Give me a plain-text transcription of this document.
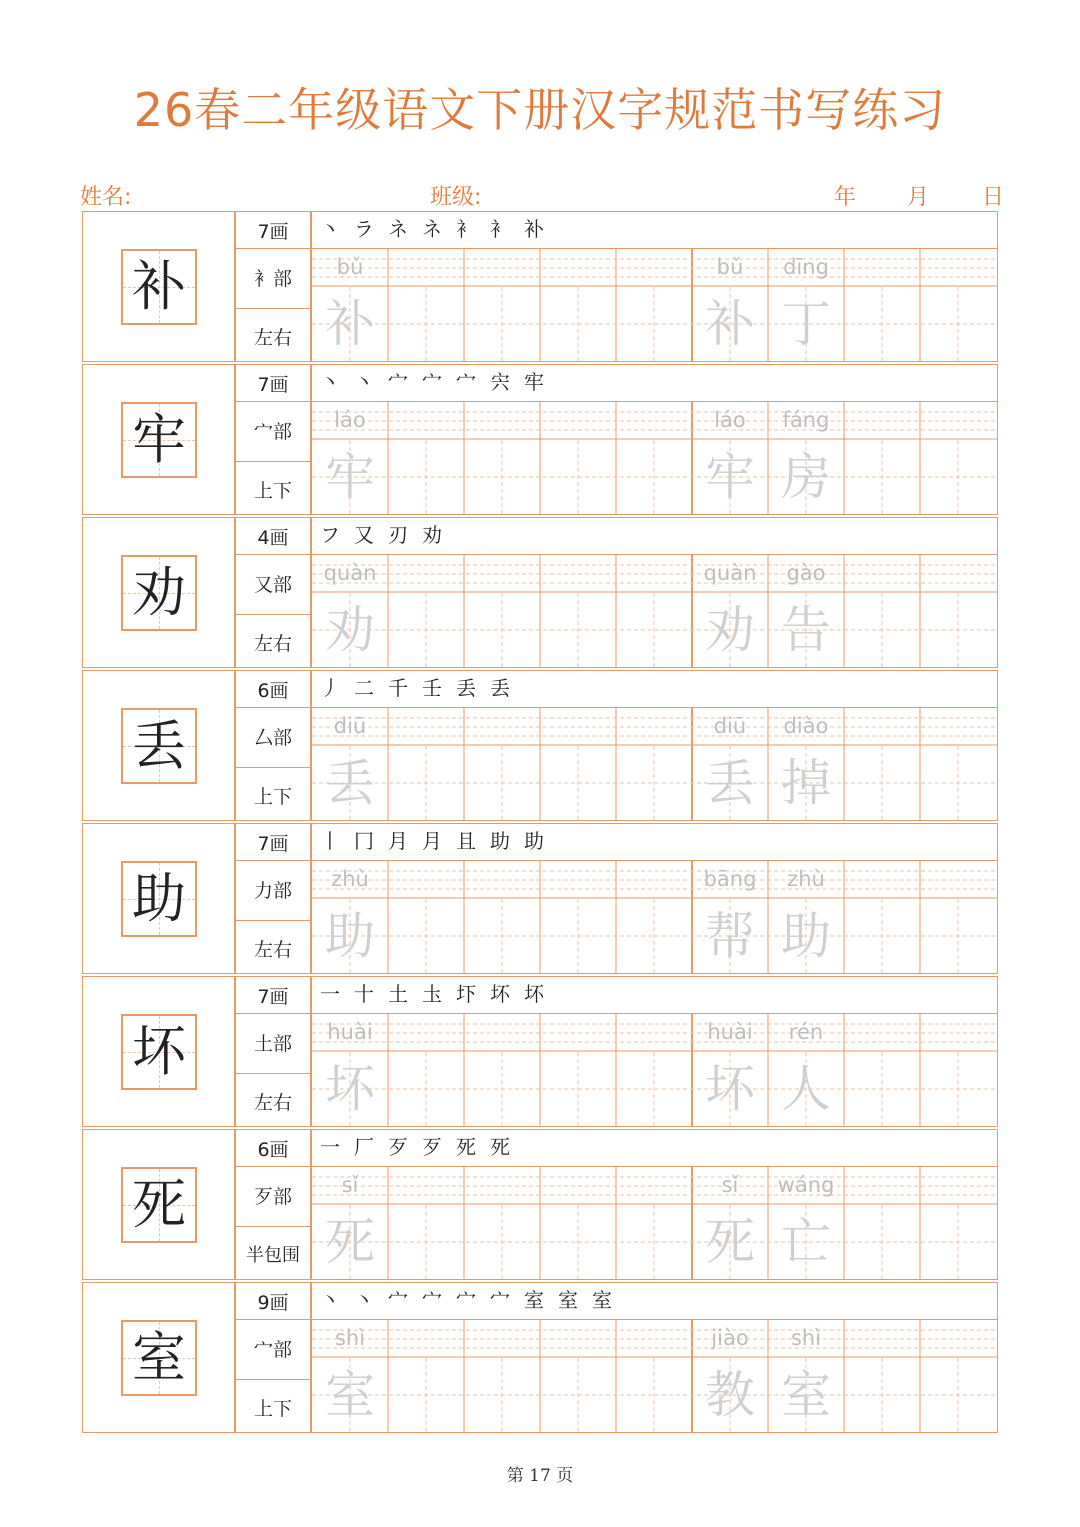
26春二年级语文下册汉字规范书写练习
姓名:	班级:	年 月 日
补
7画
衤部
左右
丶 ラ ネ ネ 衤 衤 补
bǔ
补
bǔ
补
dīng
丁
牢
7画
宀部
上下
丶 丶 宀 宀 宀 宍 牢
láo
牢
láo
牢
fáng
房
劝
4画
又部
左右
フ 又 刃 劝
quàn
劝
quàn
劝
gào
告
丢
6画
厶部
上下
丿 二 千 壬 丢 丢
diū
丢
diū
丢
diào
掉
助
7画
力部
左右
丨 冂 月 月 且 助 助
zhù
助
bāng
帮
zhù
助
坏
7画
土部
左右
一 十 土 圡 圷 坏 坏
huài
坏
huài
坏
rén
人
死
6画
歹部
半包围
一 厂 歹 歹 死 死
sǐ
死
sǐ
死
wáng
亡
室
9画
宀部
上下
丶 丶 宀 宀 宀 宀 室 室 室
shì
室
jiào
教
shì
室
第 17 页
